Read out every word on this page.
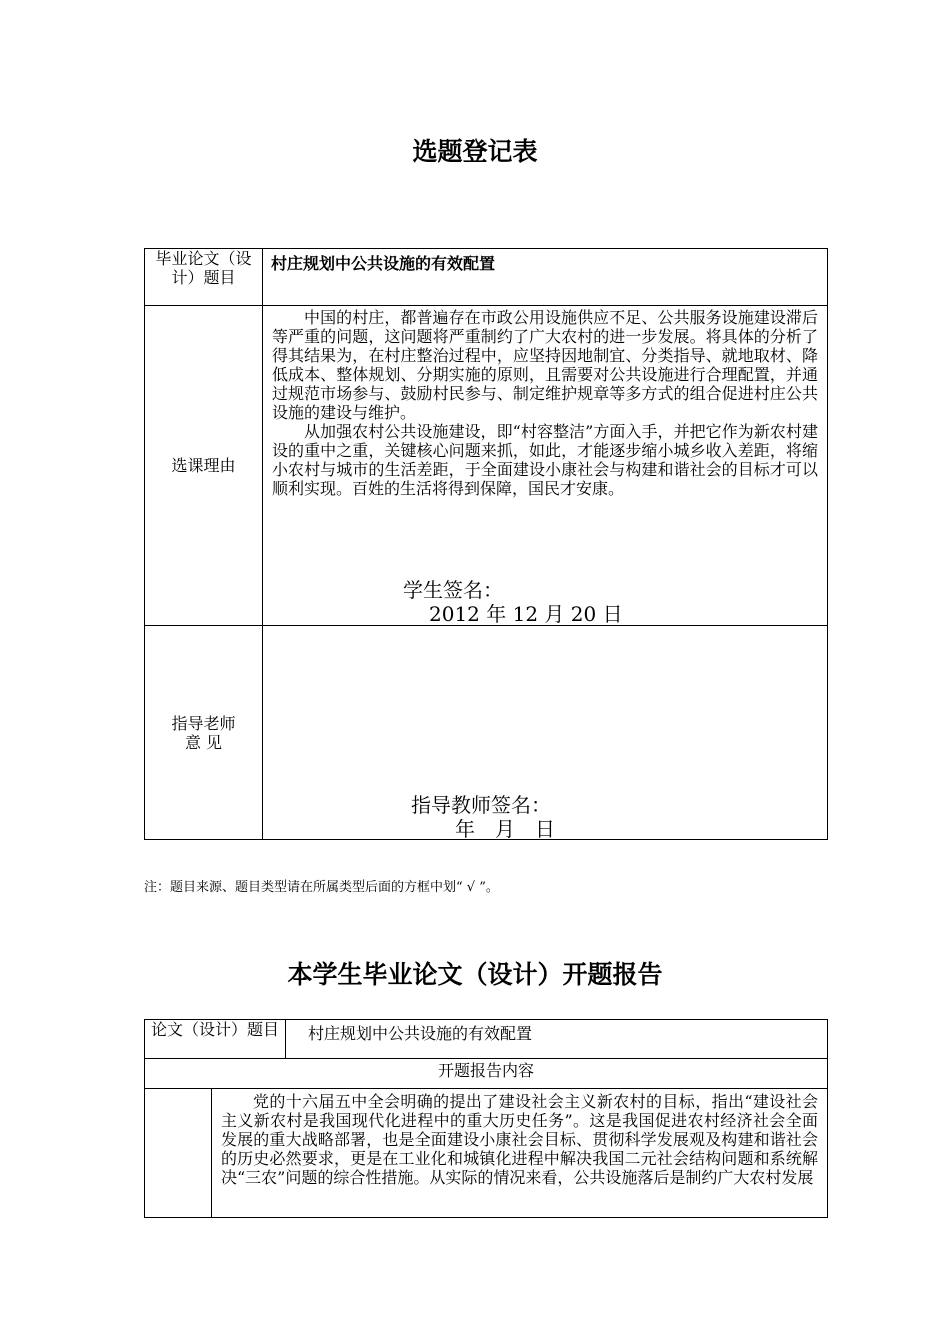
选题登记表
毕业论文（设计）题目	村庄规划中公共设施的有效配置

选课理由	中国的村庄，都普遍存在市政公用设施供应不足、公共服务设施建设滞后等严重的问题，这问题将严重制约了广大农村的进一步发展。将具体的分析了得其结果为，在村庄整治过程中，应坚持因地制宜、分类指导、就地取材、降低成本、整体规划、分期实施的原则，且需要对公共设施进行合理配置，并通过规范市场参与、鼓励村民参与、制定维护规章等多方式的组合促进村庄公共设施的建设与维护。

从加强农村公共设施建设，即“村容整洁”方面入手，并把它作为新农村建设的重中之重，关键核心问题来抓，如此，才能逐步缩小城乡收入差距，将缩小农村与城市的生活差距，于全面建设小康社会与构建和谐社会的目标才可以顺利实现。百姓的生活将得到保障，国民才安康。

学生签名：
2012 年 12 月 20 日

指导老师意 见	指导教师签名：
年　月　日
注：题目来源、题目类型请在所属类型后面的方框中划“ √ ”。
本学生毕业论文（设计）开题报告
论文（设计）题目		村庄规划中公共设施的有效配置

开题报告内容		

	党的十六届五中全会明确的提出了建设社会主义新农村的目标，指出“建设社会主义新农村是我国现代化进程中的重大历史任务”。这是我国促进农村经济社会全面发展的重大战略部署，也是全面建设小康社会目标、贯彻科学发展观及构建和谐社会的历史必然要求，更是在工业化和城镇化进程中解决我国二元社会结构问题和系统解决“三农”问题的综合性措施。从实际的情况来看，公共设施落后是制约广大农村发展	
